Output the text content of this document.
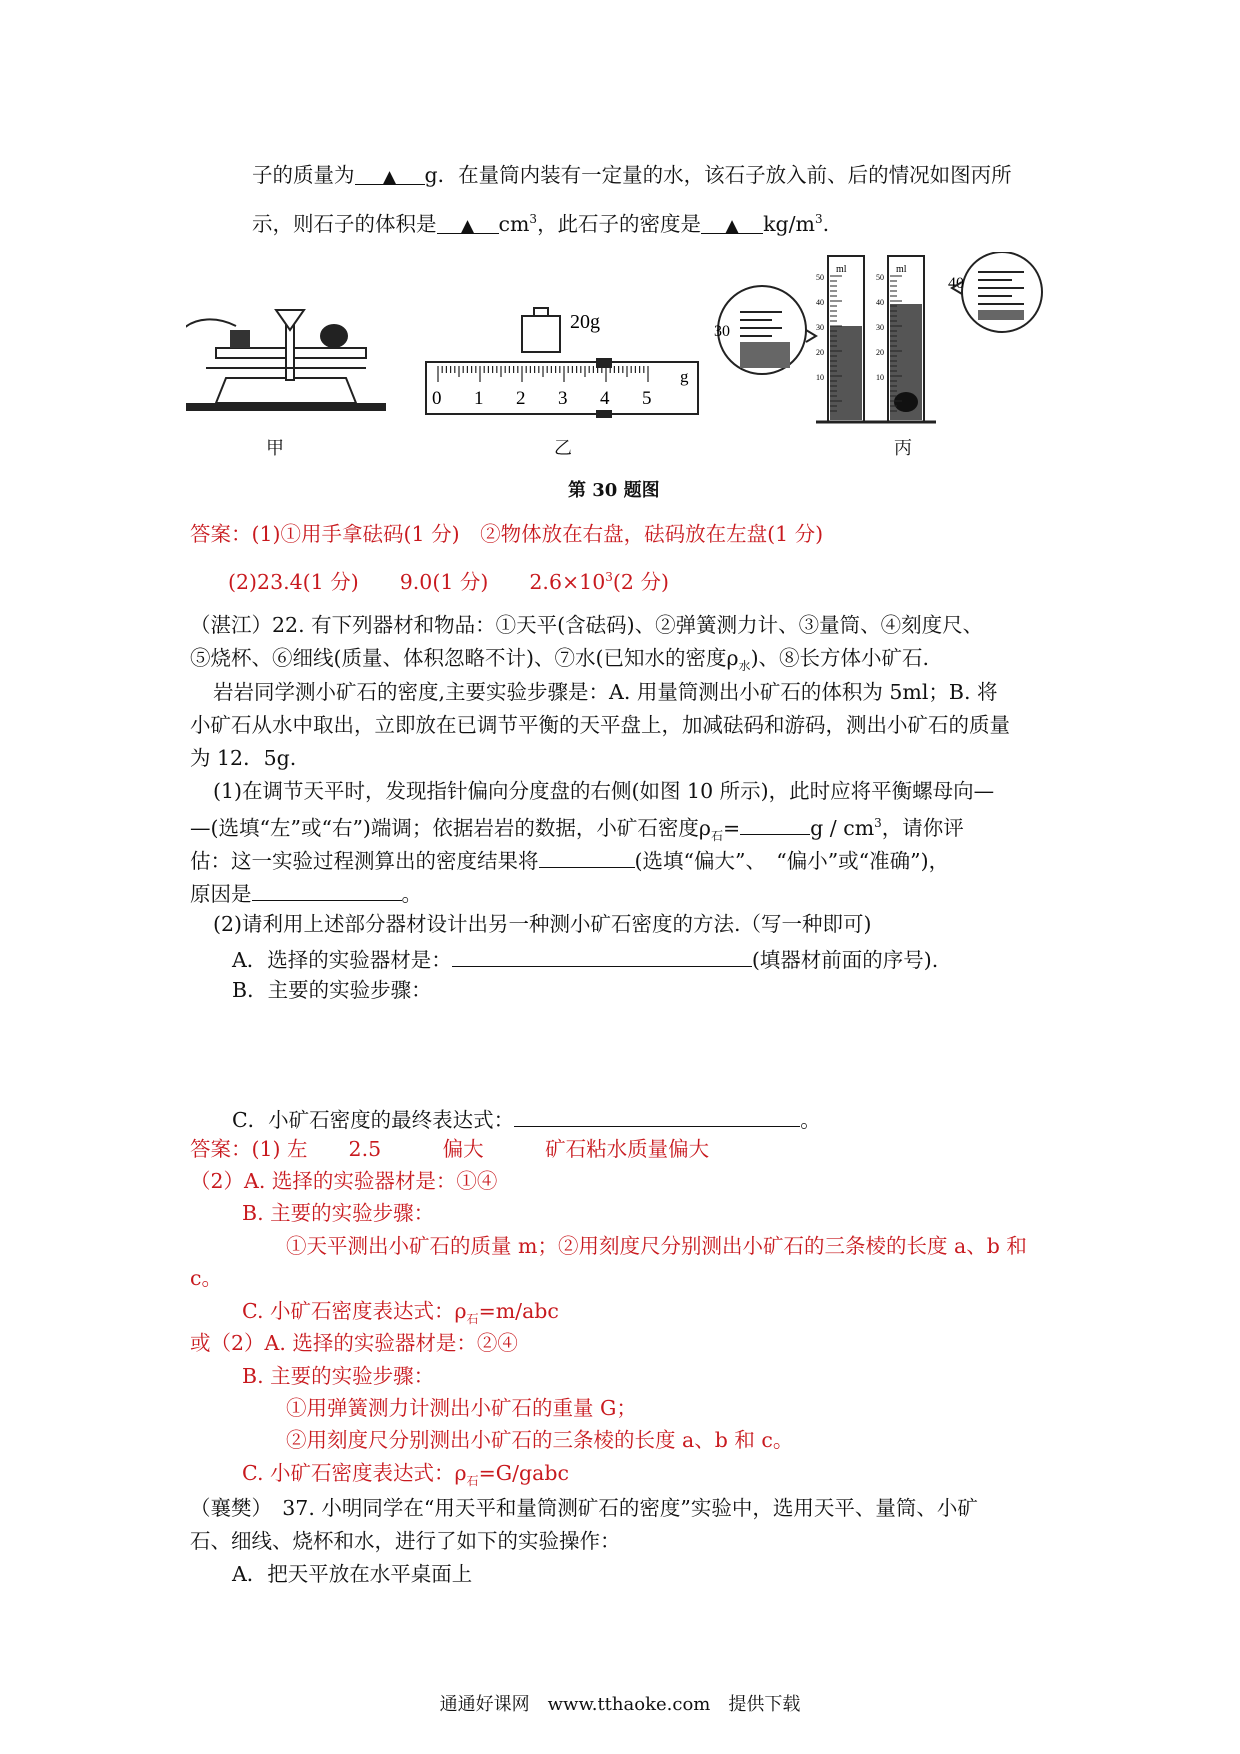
子的质量为 ▲ g．在量筒内装有一定量的水，该石子放入前、后的情况如图丙所
示，则石子的体积是 ▲ $cm^3$，此石子的密度是 ▲ $kg/m^3$.
甲
20g
0 1 2 3 4 5
g
乙
30
50
40
30
20
10
50
40
30
20
10
ml	ml
40
丙
第 30 题图
答案：(1)①用手拿砝码(1 分)　②物体放在右盘，砝码放在左盘(1 分)
(2)23.4(1 分)　　9.0(1 分)　　$2.6\times 10^3(2$ 分)
（湛江）22. 有下列器材和物品：①天平(含砝码)、②弹簧测力计、③量筒、④刻度尺、
⑤烧杯、⑥细线(质量、体积忽略不计)、⑦水(已知水的密度$\rho_水$)、⑧长方体小矿石.
岩岩同学测小矿石的密度,主要实验步骤是：A. 用量筒测出小矿石的体积为 5ml；B. 将
小矿石从水中取出，立即放在已调节平衡的天平盘上，加减砝码和游码，测出小矿石的质量
为 12．5g.
(1)在调节天平时，发现指针偏向分度盘的右侧(如图 10 所示)，此时应将平衡螺母向—
—(选填“左”或“右”)端调；依据岩岩的数据，小矿石密度$\rho_石=$	g / $cm^3$，请你评
估：这一实验过程测算出的密度结果将	(选填“偏大”、　“偏小”或“准确”)，
原因是	。
(2)请利用上述部分器材设计出另一种测小矿石密度的方法.（写一种即可)
A．选择的实验器材是：	(填器材前面的序号).
B．主要的实验步骤：
C．小矿石密度的最终表达式：	。
答案：(1) 左　　2.5　　　偏大　　　矿石粘水质量偏大
（2）A. 选择的实验器材是：①④
B. 主要的实验步骤：
①天平测出小矿石的质量 m；②用刻度尺分别测出小矿石的三条棱的长度 a、b 和
c。
C. 小矿石密度表达式：$\rho_石=m$/abc
或（2）A. 选择的实验器材是：②④
B. 主要的实验步骤：
①用弹簧测力计测出小矿石的重量 G；
②用刻度尺分别测出小矿石的三条棱的长度 a、b 和 c。
C. 小矿石密度表达式：$\rho_石=G$/gabc
（襄樊）　37. 小明同学在“用天平和量筒测矿石的密度”实验中，选用天平、量筒、小矿
石、细线、烧杯和水，进行了如下的实验操作：
A．把天平放在水平桌面上
通通好课网　www.tthaoke.com　提供下载
